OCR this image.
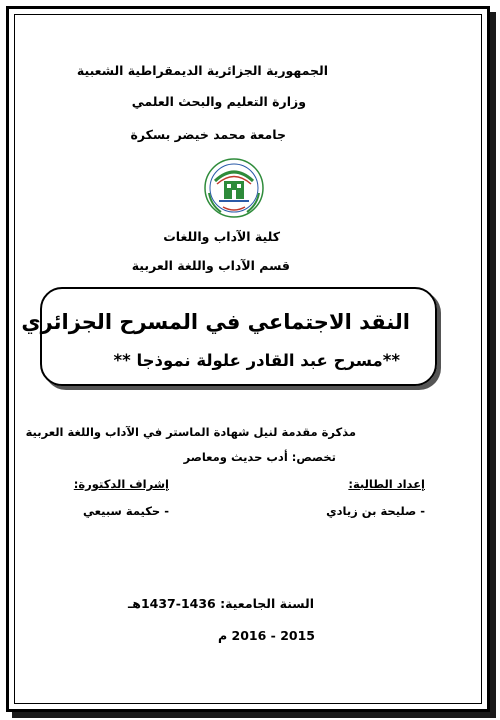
الجمهورية الجزائرية الديمقراطية الشعبية
وزارة التعليم والبحث العلمي
جامعة محمد خيضر بسكرة
كلية الآداب واللغات
قسم الآداب واللغة العربية
النقد الاجتماعي في المسرح الجزائري
**مسرح عبد القادر علولة نموذجا **
مذكرة مقدمة لنيل شهادة الماستر في الآداب واللغة العربية
تخصص: أدب حديث ومعاصر
إعداد الطالبة:
إشراف الدكتورة:
- صليحة بن زيادي
- حكيمة سبيعي
السنة الجامعية: 1436-1437هـ
2015 - 2016 م
